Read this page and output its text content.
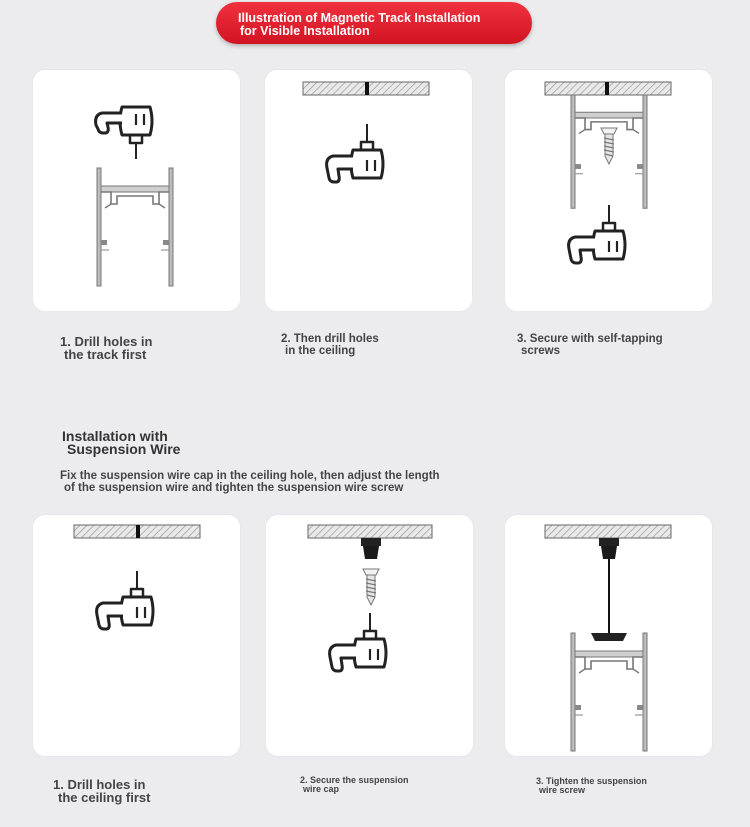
Illustration of Magnetic Track Installation
for Visible Installation
1. Drill holes in
the track first
2. Then drill holes
in the ceiling
3. Secure with self-tapping
screws
Installation with
Suspension Wire
Fix the suspension wire cap in the ceiling hole, then adjust the length
of the suspension wire and tighten the suspension wire screw
1. Drill holes in
the ceiling first
2. Secure the suspension
wire cap
3. Tighten the suspension
wire screw
